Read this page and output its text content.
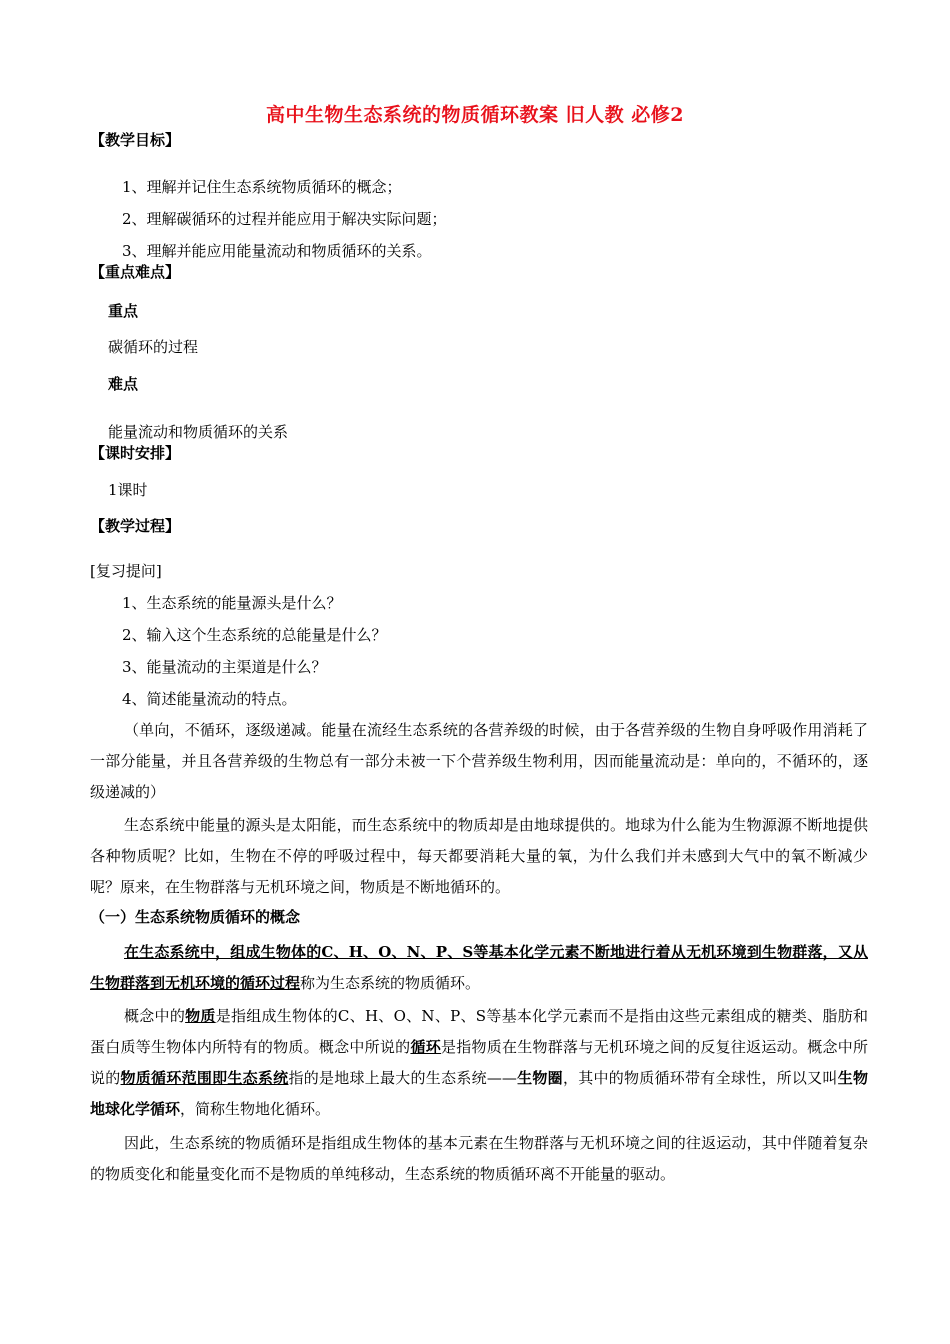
高中生物生态系统的物质循环教案 旧人教 必修2
【教学目标】
1、理解并记住生态系统物质循环的概念；
2、理解碳循环的过程并能应用于解决实际问题；
3、理解并能应用能量流动和物质循环的关系。
【重点难点】
重点
碳循环的过程
难点
能量流动和物质循环的关系
【课时安排】
1课时
【教学过程】
[复习提问]
1、生态系统的能量源头是什么？
2、输入这个生态系统的总能量是什么？
3、能量流动的主渠道是什么？
4、简述能量流动的特点。
（单向，不循环，逐级递减。能量在流经生态系统的各营养级的时候，由于各营养级的生物自身呼吸作用消耗了一部分能量，并且各营养级的生物总有一部分未被一下个营养级生物利用，因而能量流动是：单向的，不循环的，逐级递减的）
生态系统中能量的源头是太阳能，而生态系统中的物质却是由地球提供的。地球为什么能为生物源源不断地提供各种物质呢？比如，生物在不停的呼吸过程中，每天都要消耗大量的氧，为什么我们并未感到大气中的氧不断减少呢？原来，在生物群落与无机环境之间，物质是不断地循环的。
（一）生态系统物质循环的概念
在生态系统中，组成生物体的C、H、O、N、P、S等基本化学元素不断地进行着从无机环境到生物群落，又从生物群落到无机环境的循环过程称为生态系统的物质循环。
概念中的物质是指组成生物体的C、H、O、N、P、S等基本化学元素而不是指由这些元素组成的糖类、脂肪和蛋白质等生物体内所特有的物质。概念中所说的循环是指物质在生物群落与无机环境之间的反复往返运动。概念中所说的物质循环范围即生态系统指的是地球上最大的生态系统——生物圈，其中的物质循环带有全球性，所以又叫生物地球化学循环，简称生物地化循环。
因此，生态系统的物质循环是指组成生物体的基本元素在生物群落与无机环境之间的往返运动，其中伴随着复杂的物质变化和能量变化而不是物质的单纯移动，生态系统的物质循环离不开能量的驱动。
